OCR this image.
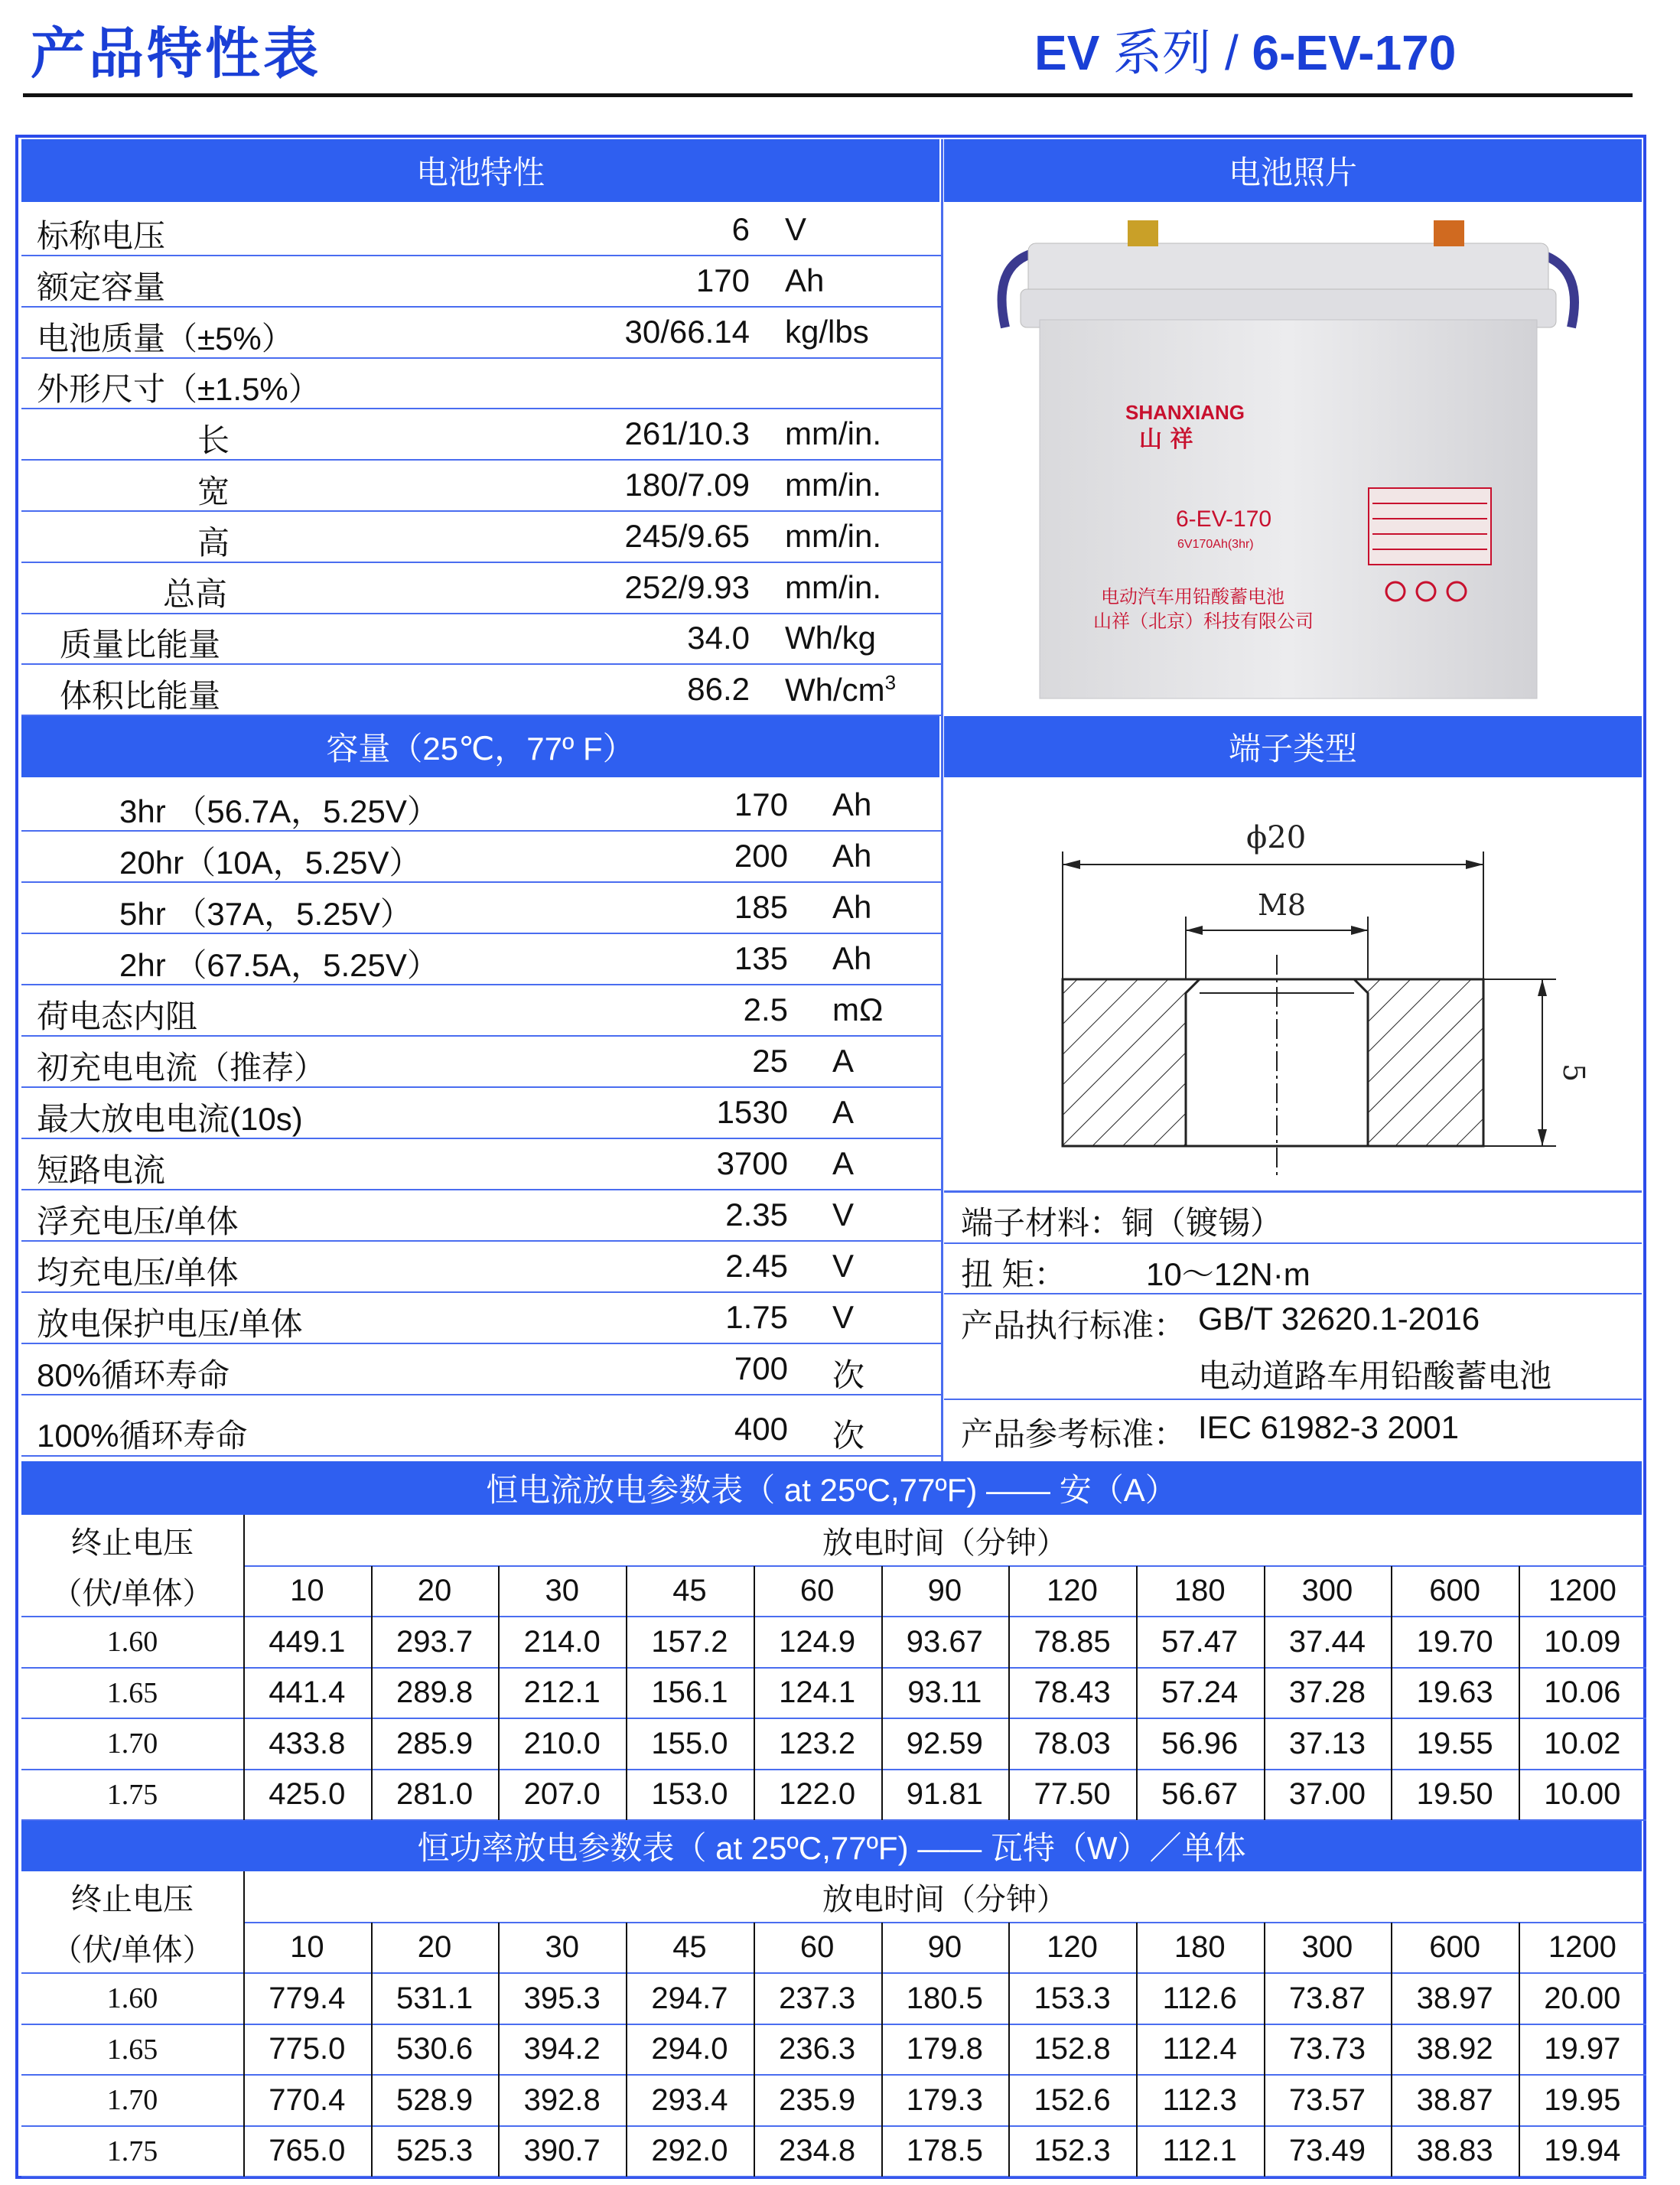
产品特性表	EV 系列 / 6-EV-170
电池特性	电池照片
标称电压	6 V
额定容量	170 Ah
电池质量（±5%）	30/66.14 kg/lbs
外形尺寸（±1.5%）
长	261/10.3 mm/in.
宽	180/7.09 mm/in.
高	245/9.65 mm/in.
总高	252/9.93 mm/in.
质量比能量	34.0 Wh/kg
体积比能量	86.2 $Wh/cm^3$
SHANXIANG
山 祥
6-EV-170
6V170Ah(3hr)
电动汽车用铅酸蓄电池
山祥（北京）科技有限公司
容量（25℃，77º F）	端子类型
3hr （56.7A，5.25V）	170 Ah
20hr（10A，5.25V）	200 Ah
5hr （37A，5.25V）	185 Ah
2hr （67.5A，5.25V）	135 Ah
荷电态内阻	2.5 mΩ
初充电电流（推荐）	25 A
最大放电电流(10s)	1530 A
短路电流	3700 A
浮充电压/单体	2.35 V
均充电压/单体	2.45 V
放电保护电压/单体	1.75 V
80%循环寿命	700 次
100%循环寿命	400 次
ϕ20
M8
5
端子材料：铜（镀锡）
扭 矩： 10～12N·m
产品执行标准： GB/T 32620.1-2016
电动道路车用铅酸蓄电池
产品参考标准： IEC 61982-3 2001
恒电流放电参数表（ at 25ºC,77ºF) —— 安（A）
终止电压
（伏/单体）
放电时间（分钟）
10	20	30	45	60	90	120	180	300	600	1200
1.60	449.1	293.7	214.0	157.2	124.9	93.67	78.85	57.47	37.44	19.70	10.09
1.65	441.4	289.8	212.1	156.1	124.1	93.11	78.43	57.24	37.28	19.63	10.06
1.70	433.8	285.9	210.0	155.0	123.2	92.59	78.03	56.96	37.13	19.55	10.02
1.75	425.0	281.0	207.0	153.0	122.0	91.81	77.50	56.67	37.00	19.50	10.00
恒功率放电参数表（ at 25ºC,77ºF) —— 瓦特（W）／单体
终止电压
（伏/单体）
放电时间（分钟）
10	20	30	45	60	90	120	180	300	600	1200
1.60	779.4	531.1	395.3	294.7	237.3	180.5	153.3	112.6	73.87	38.97	20.00
1.65	775.0	530.6	394.2	294.0	236.3	179.8	152.8	112.4	73.73	38.92	19.97
1.70	770.4	528.9	392.8	293.4	235.9	179.3	152.6	112.3	73.57	38.87	19.95
1.75	765.0	525.3	390.7	292.0	234.8	178.5	152.3	112.1	73.49	38.83	19.94
